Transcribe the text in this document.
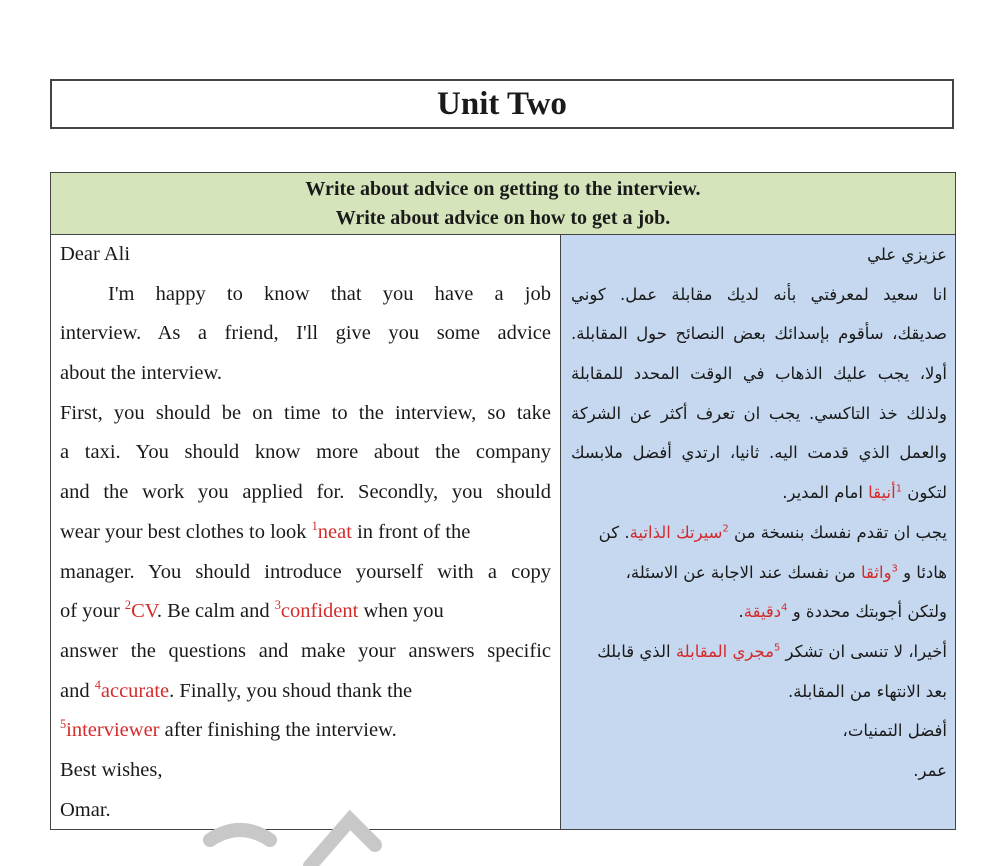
Unit Two
Write about advice on getting to the interview.
Write about advice on how to get a job.
Dear Ali
I'm happy to know that you have a job
interview. As a friend, I'll give you some advice
about the interview.
First, you should be on time to the interview, so take
a taxi. You should know more about the company
and the work you applied for. Secondly, you should
wear your best clothes to look $^1$neat in front of the
manager. You should introduce yourself with a copy
of your $^2$CV. Be calm and $^3$confident when you
answer the questions and make your answers specific
and $^4$accurate. Finally, you shoud thank the
$^5$interviewer after finishing the interview.
Best wishes,
Omar.
عزيزي علي
انا سعيد لمعرفتي بأنه لديك مقابلة عمل. كوني
صديقك، سأقوم بإسدائك بعض النصائح حول المقابلة.
أولا، يجب عليك الذهاب في الوقت المحدد للمقابلة
ولذلك خذ التاكسي. يجب ان تعرف أكثر عن الشركة
والعمل الذي قدمت اليه. ثانيا، ارتدي أفضل ملابسك
لتكون $^1$أنيقا امام المدير.
يجب ان تقدم نفسك بنسخة من $^2$سيرتك الذاتية. كن
هادئا و $^3$واثقا من نفسك عند الاجابة عن الاسئلة،
ولتكن أجوبتك محددة و $^4$دقيقة.
أخيرا، لا تنسى ان تشكر $^5$مجري المقابلة الذي قابلك
بعد الانتهاء من المقابلة.
أفضل التمنيات،
عمر.
